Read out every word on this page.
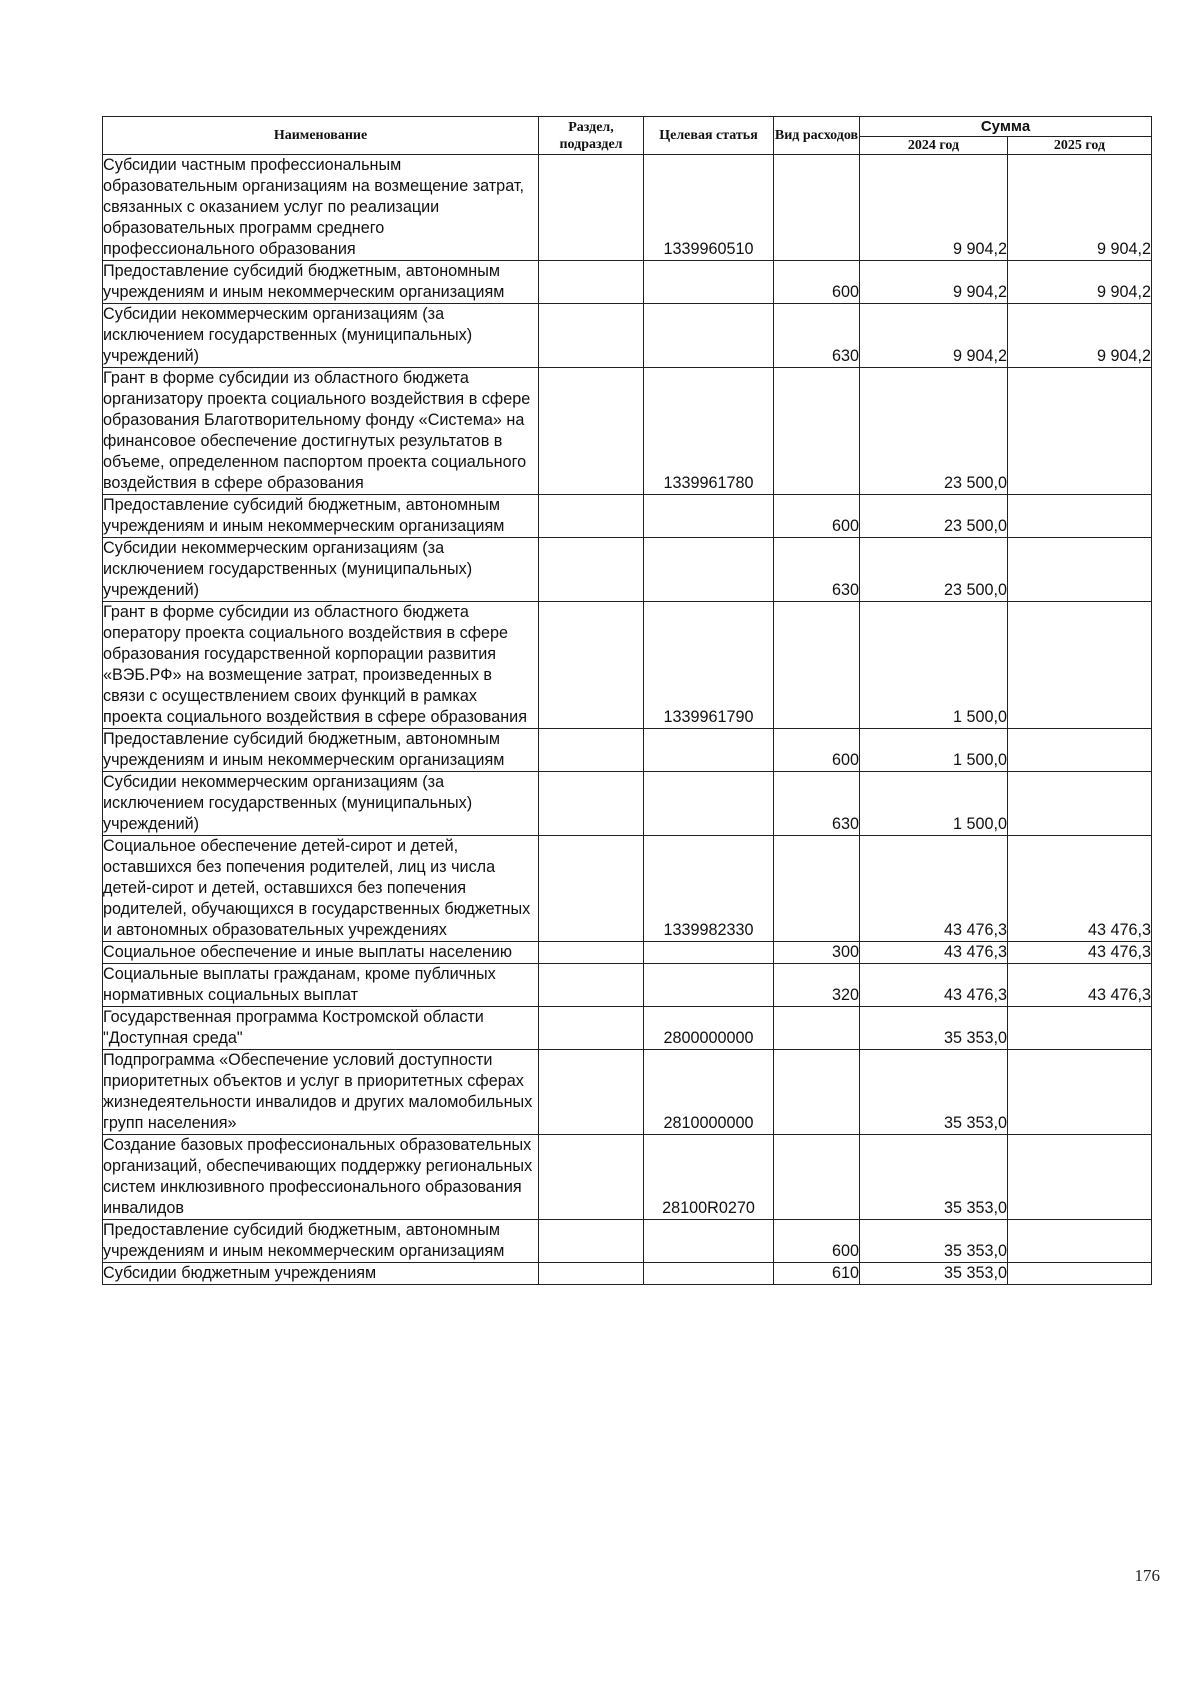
Наименование	Раздел, подраздел	Целевая статья	Вид расходов	Сумма	
				2024 год	2025 год
Субсидии частным профессиональным образовательным организациям на возмещение затрат, связанных с оказанием услуг по реализации образовательных программ среднего профессионального образования		1339960510		9 904,2	9 904,2
Предоставление субсидий бюджетным, автономным учреждениям и иным некоммерческим организациям			600	9 904,2	9 904,2
Субсидии некоммерческим организациям (за исключением государственных (муниципальных) учреждений)			630	9 904,2	9 904,2
Грант в форме субсидии из областного бюджета организатору проекта социального воздействия в сфере образования Благотворительному фонду «Система» на финансовое обеспечение достигнутых результатов в объеме, определенном паспортом проекта социального воздействия в сфере образования		1339961780		23 500,0	
Предоставление субсидий бюджетным, автономным учреждениям и иным некоммерческим организациям			600	23 500,0	
Субсидии некоммерческим организациям (за исключением государственных (муниципальных) учреждений)			630	23 500,0	
Грант в форме субсидии из областного бюджета оператору проекта социального воздействия в сфере образования государственной корпорации развития «ВЭБ.РФ» на возмещение затрат, произведенных в связи с осуществлением своих функций в рамках проекта социального воздействия в сфере образования		1339961790		1 500,0	
Предоставление субсидий бюджетным, автономным учреждениям и иным некоммерческим организациям			600	1 500,0	
Субсидии некоммерческим организациям (за исключением государственных (муниципальных) учреждений)			630	1 500,0	
Социальное обеспечение детей-сирот и детей, оставшихся без попечения родителей, лиц из числа детей-сирот и детей, оставшихся без попечения родителей, обучающихся в государственных бюджетных и автономных образовательных учреждениях		1339982330		43 476,3	43 476,3
Социальное обеспечение и иные выплаты населению			300	43 476,3	43 476,3
Социальные выплаты гражданам, кроме публичных нормативных социальных выплат			320	43 476,3	43 476,3
Государственная программа Костромской области "Доступная среда"		2800000000		35 353,0	
Подпрограмма «Обеспечение условий доступности приоритетных объектов и услуг в приоритетных сферах жизнедеятельности инвалидов и других маломобильных групп населения»		2810000000		35 353,0	
Создание базовых профессиональных образовательных организаций, обеспечивающих поддержку региональных систем инклюзивного профессионального образования инвалидов		28100R0270		35 353,0	
Предоставление субсидий бюджетным, автономным учреждениям и иным некоммерческим организациям			600	35 353,0	
Субсидии бюджетным учреждениям			610	35 353,0	
176
